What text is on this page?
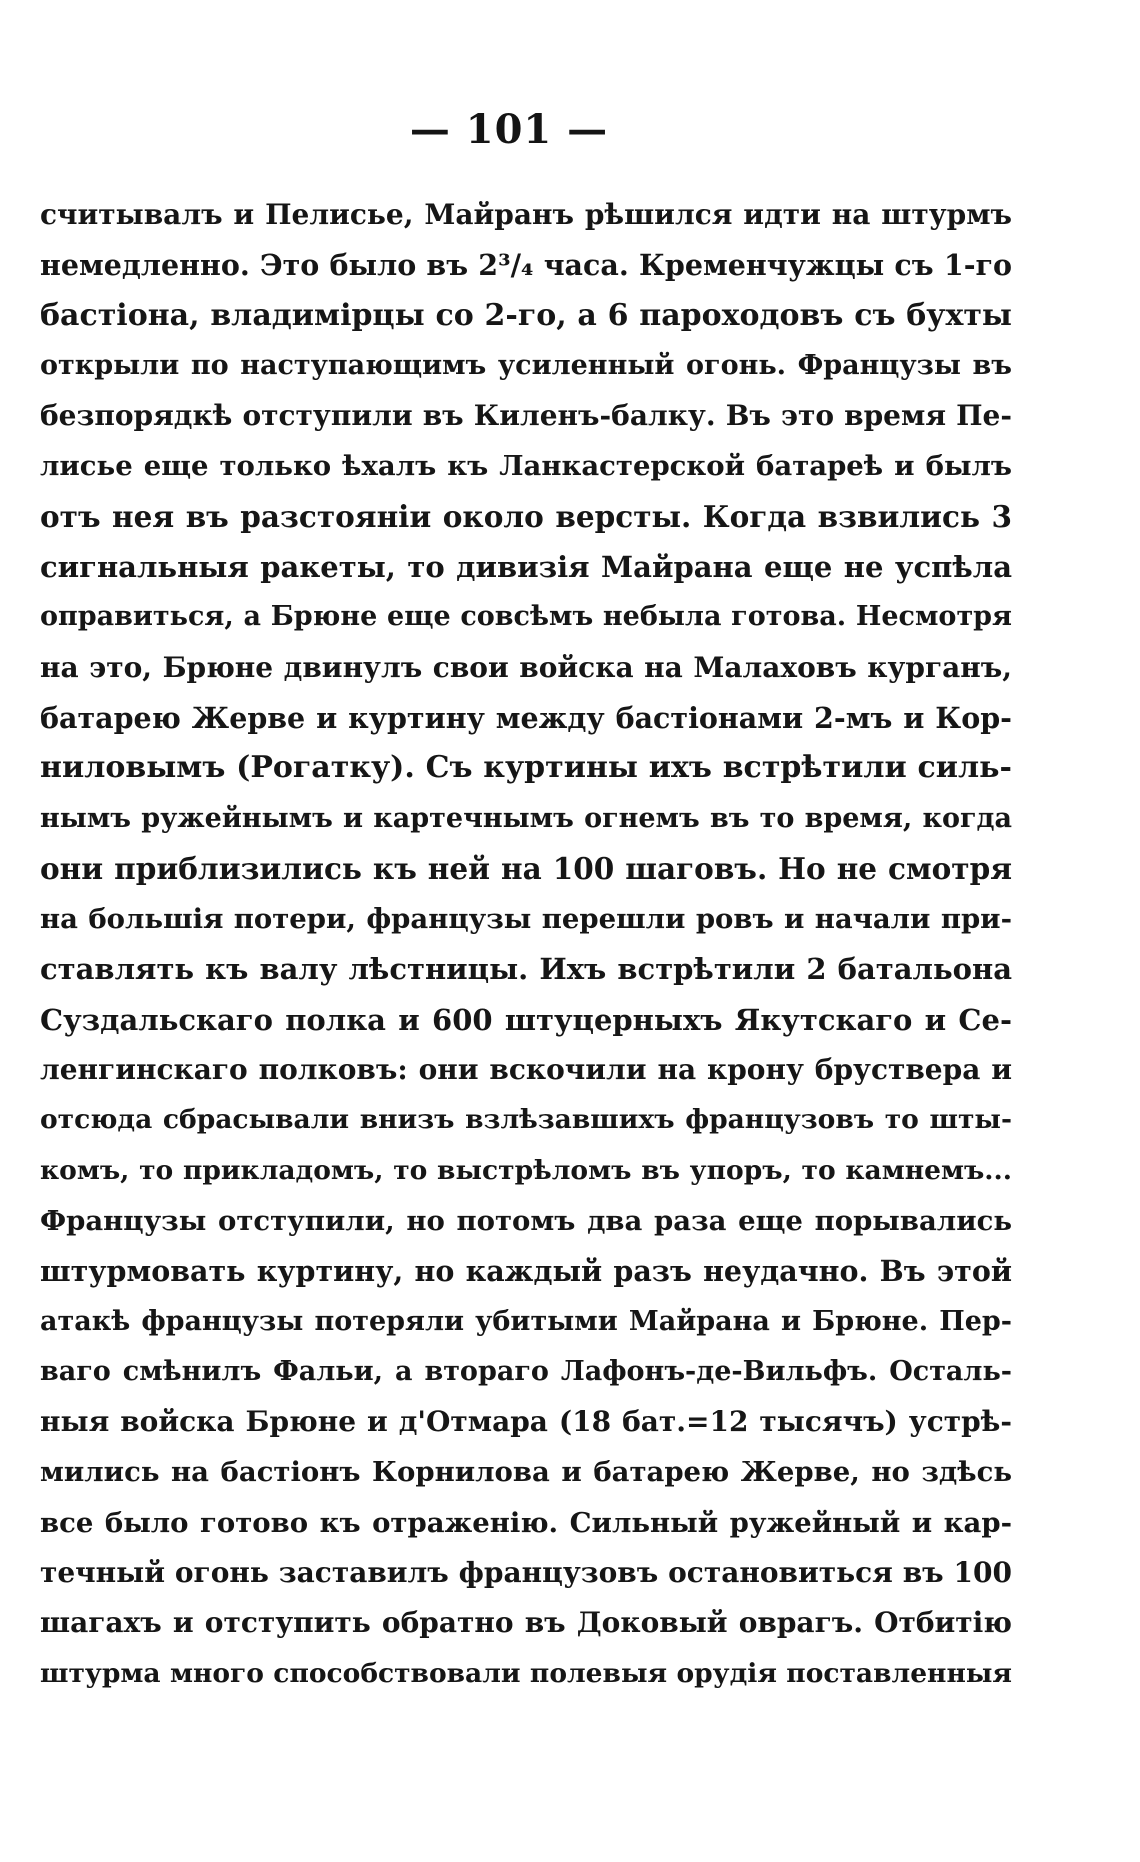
— 101 —
считывалъ и Пелисье, Майранъ рѣшился идти на штурмъ
немедленно. Это было въ 2³/₄ часа. Кременчужцы съ 1-го
бастіона, владимірцы со 2-го, а 6 пароходовъ съ бухты
открыли по наступающимъ усиленный огонь. Французы въ
безпорядкѣ отступили въ Киленъ-балку. Въ это время Пе-
лисье еще только ѣхалъ къ Ланкастерской батареѣ и былъ
отъ нея въ разстояніи около версты. Когда взвились 3
сигнальныя ракеты, то дивизія Майрана еще не успѣла
оправиться, а Брюне еще совсѣмъ небыла готова. Несмотря
на это, Брюне двинулъ свои войска на Малаховъ курганъ,
батарею Жерве и куртину между бастіонами 2-мъ и Кор-
ниловымъ (Рогатку). Съ куртины ихъ встрѣтили силь-
нымъ ружейнымъ и картечнымъ огнемъ въ то время, когда
они приблизились къ ней на 100 шаговъ. Но не смотря
на большія потери, французы перешли ровъ и начали при-
ставлять къ валу лѣстницы. Ихъ встрѣтили 2 батальона
Суздальскаго полка и 600 штуцерныхъ Якутскаго и Се-
ленгинскаго полковъ: они вскочили на крону бруствера и
отсюда сбрасывали внизъ взлѣзавшихъ французовъ то шты-
комъ, то прикладомъ, то выстрѣломъ въ упоръ, то камнемъ...
Французы отступили, но потомъ два раза еще порывались
штурмовать куртину, но каждый разъ неудачно. Въ этой
атакѣ французы потеряли убитыми Майрана и Брюне. Пер-
ваго смѣнилъ Фальи, а втораго Лафонъ-де-Вильфъ. Осталь-
ныя войска Брюне и д'Отмара (18 бат.=12 тысячъ) устрѣ-
мились на бастіонъ Корнилова и батарею Жерве, но здѣсь
все было готово къ отраженію. Сильный ружейный и кар-
течный огонь заставилъ французовъ остановиться въ 100
шагахъ и отступить обратно въ Доковый оврагъ. Отбитію
штурма много способствовали полевыя орудія поставленныя
